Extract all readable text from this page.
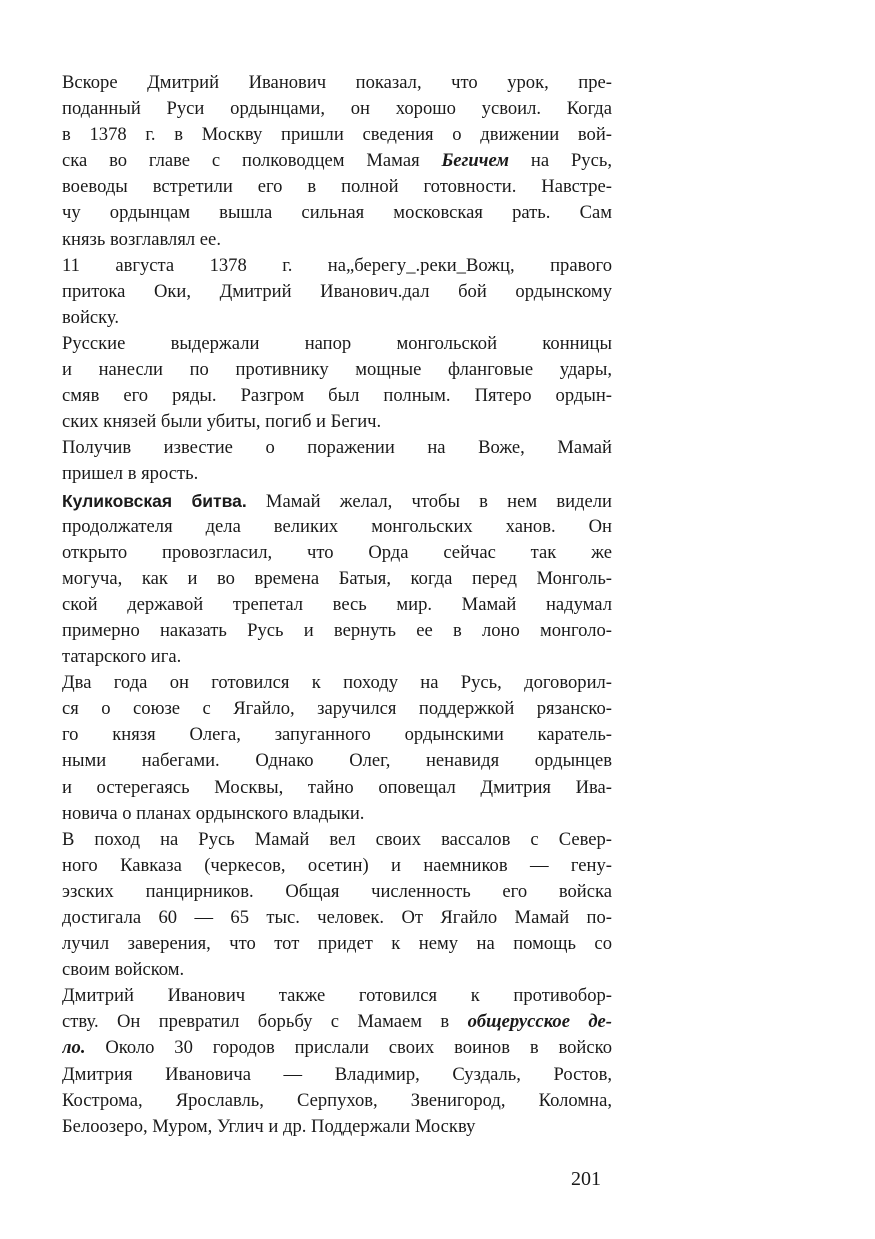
Вскоре Дмитрий Иванович показал, что урок, пре-
поданный Руси ордынцами, он хорошо усвоил. Когда
в 1378 г. в Москву пришли сведения о движении вой-
ска во главе с полководцем Мамая Бегичем на Русь,
воеводы встретили его в полной готовности. Навстре-
чу ордынцам вышла сильная московская рать. Сам
князь возглавлял ее.
11 августа 1378 г. на„берегу_.реки_Вожц, правого
притока Оки, Дмитрий Иванович.дал бой ордынскому
войску.
Русские выдержали напор монгольской конницы
и нанесли по противнику мощные фланговые удары,
смяв его ряды. Разгром был полным. Пятеро ордын-
ских князей были убиты, погиб и Бегич.
Получив известие о поражении на Воже, Мамай
пришел в ярость.
Куликовская битва. Мамай желал, чтобы в нем видели
продолжателя дела великих монгольских ханов. Он
открыто провозгласил, что Орда сейчас так же
могуча, как и во времена Батыя, когда перед Монголь-
ской державой трепетал весь мир. Мамай надумал
примерно наказать Русь и вернуть ее в лоно монголо-
татарского ига.
Два года он готовился к походу на Русь, договорил-
ся о союзе с Ягайло, заручился поддержкой рязанско-
го князя Олега, запуганного ордынскими каратель-
ными набегами. Однако Олег, ненавидя ордынцев
и остерегаясь Москвы, тайно оповещал Дмитрия Ива-
новича о планах ордынского владыки.
В поход на Русь Мамай вел своих вассалов с Север-
ного Кавказа (черкесов, осетин) и наемников — гену-
эзских панцирников. Общая численность его войска
достигала 60 — 65 тыс. человек. От Ягайло Мамай по-
лучил заверения, что тот придет к нему на помощь со
своим войском.
Дмитрий Иванович также готовился к противобор-
ству. Он превратил борьбу с Мамаем в общерусское де-
ло. Около 30 городов прислали своих воинов в войско
Дмитрия Ивановича — Владимир, Суздаль, Ростов,
Кострома, Ярославль, Серпухов, Звенигород, Коломна,
Белоозеро, Муром, Углич и др. Поддержали Москву
201
